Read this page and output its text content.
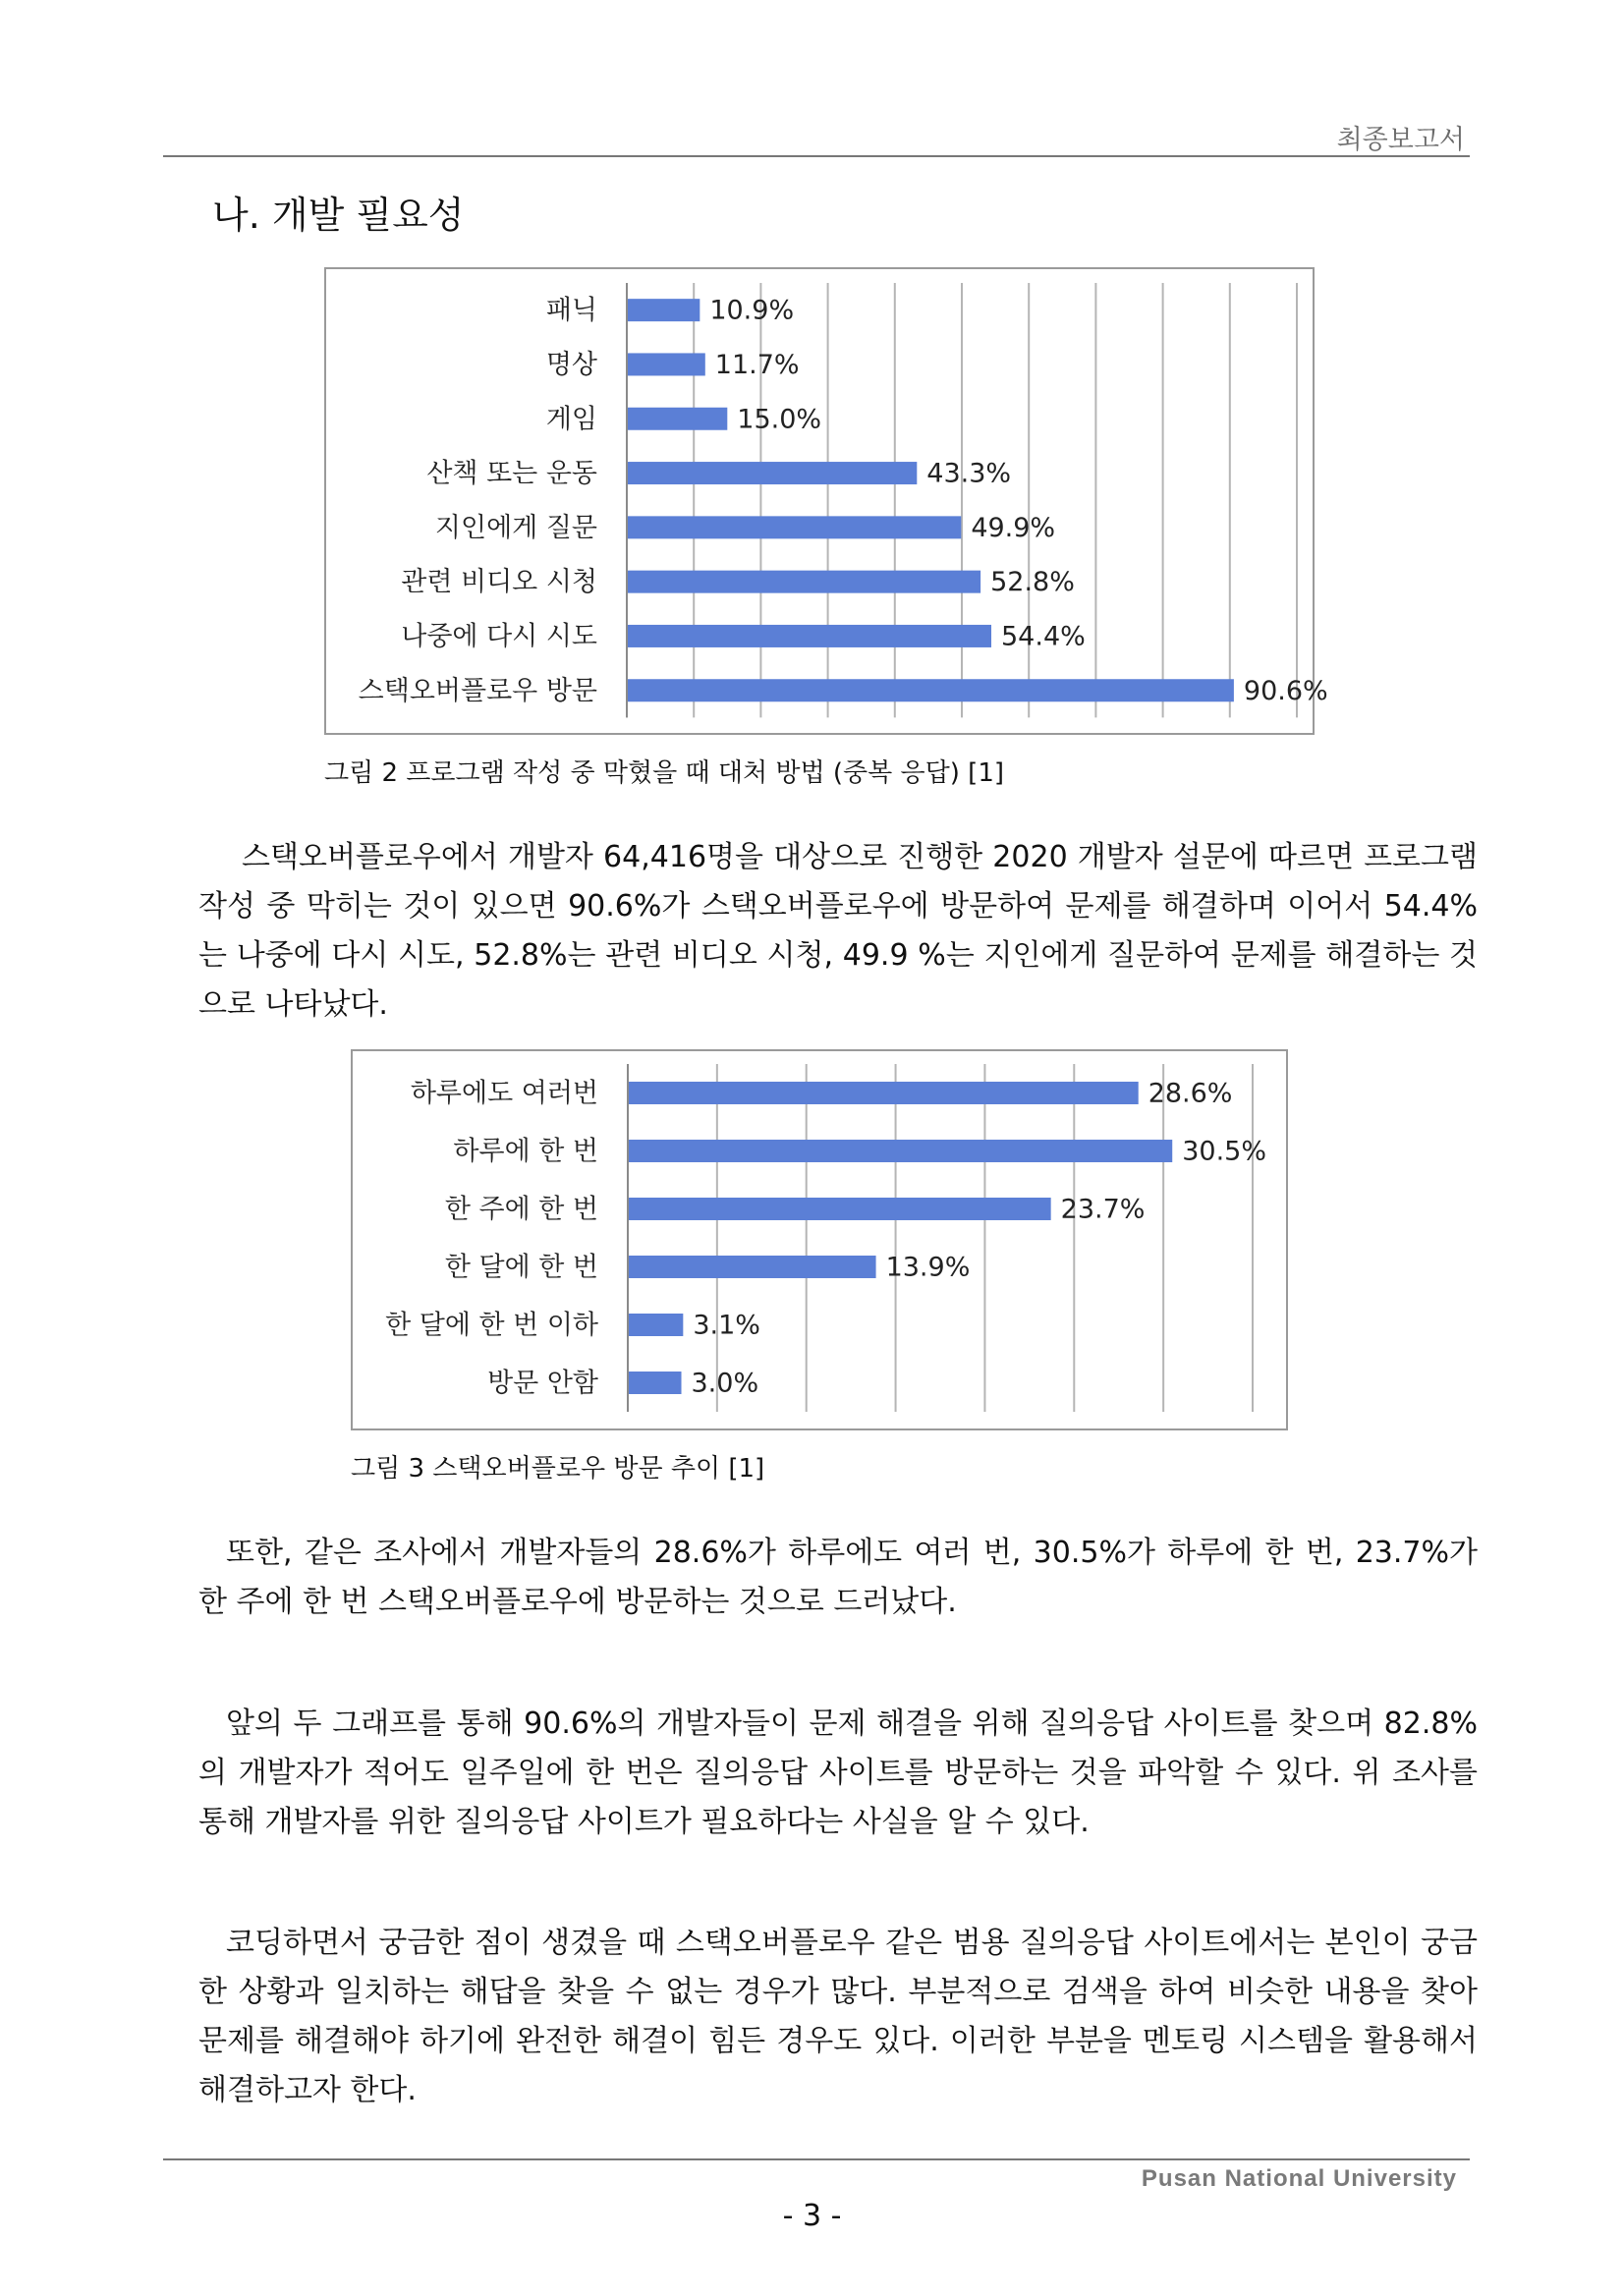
최종보고서
나. 개발 필요성
패닉	10.9%
명상	11.7%
게임	15.0%
산책 또는 운동	43.3%
지인에게 질문	49.9%
관련 비디오 시청	52.8%
나중에 다시 시도	54.4%
스택오버플로우 방문	90.6%
그림 2 프로그램 작성 중 막혔을 때 대처 방법 (중복 응답) [1]
스택오버플로우에서 개발자 64,416명을 대상으로 진행한 2020 개발자 설문에 따르면 프로그램 작성 중 막히는 것이 있으면 90.6%가 스택오버플로우에 방문하여 문제를 해결하며 이어서 54.4%는 나중에 다시 시도, 52.8%는 관련 비디오 시청, 49.9 %는 지인에게 질문하여 문제를 해결하는 것으로 나타났다.
하루에도 여러번	28.6%
하루에 한 번	30.5%
한 주에 한 번	23.7%
한 달에 한 번	13.9%
한 달에 한 번 이하	3.1%
방문 안함	3.0%
그림 3 스택오버플로우 방문 추이 [1]
또한, 같은 조사에서 개발자들의 28.6%가 하루에도 여러 번, 30.5%가 하루에 한 번, 23.7%가 한 주에 한 번 스택오버플로우에 방문하는 것으로 드러났다.
앞의 두 그래프를 통해 90.6%의 개발자들이 문제 해결을 위해 질의응답 사이트를 찾으며 82.8%의 개발자가 적어도 일주일에 한 번은 질의응답 사이트를 방문하는 것을 파악할 수 있다. 위 조사를 통해 개발자를 위한 질의응답 사이트가 필요하다는 사실을 알 수 있다.
코딩하면서 궁금한 점이 생겼을 때 스택오버플로우 같은 범용 질의응답 사이트에서는 본인이 궁금한 상황과 일치하는 해답을 찾을 수 없는 경우가 많다. 부분적으로 검색을 하여 비슷한 내용을 찾아 문제를 해결해야 하기에 완전한 해결이 힘든 경우도 있다. 이러한 부분을 멘토링 시스템을 활용해서 해결하고자 한다.
Pusan National University
- 3 -
